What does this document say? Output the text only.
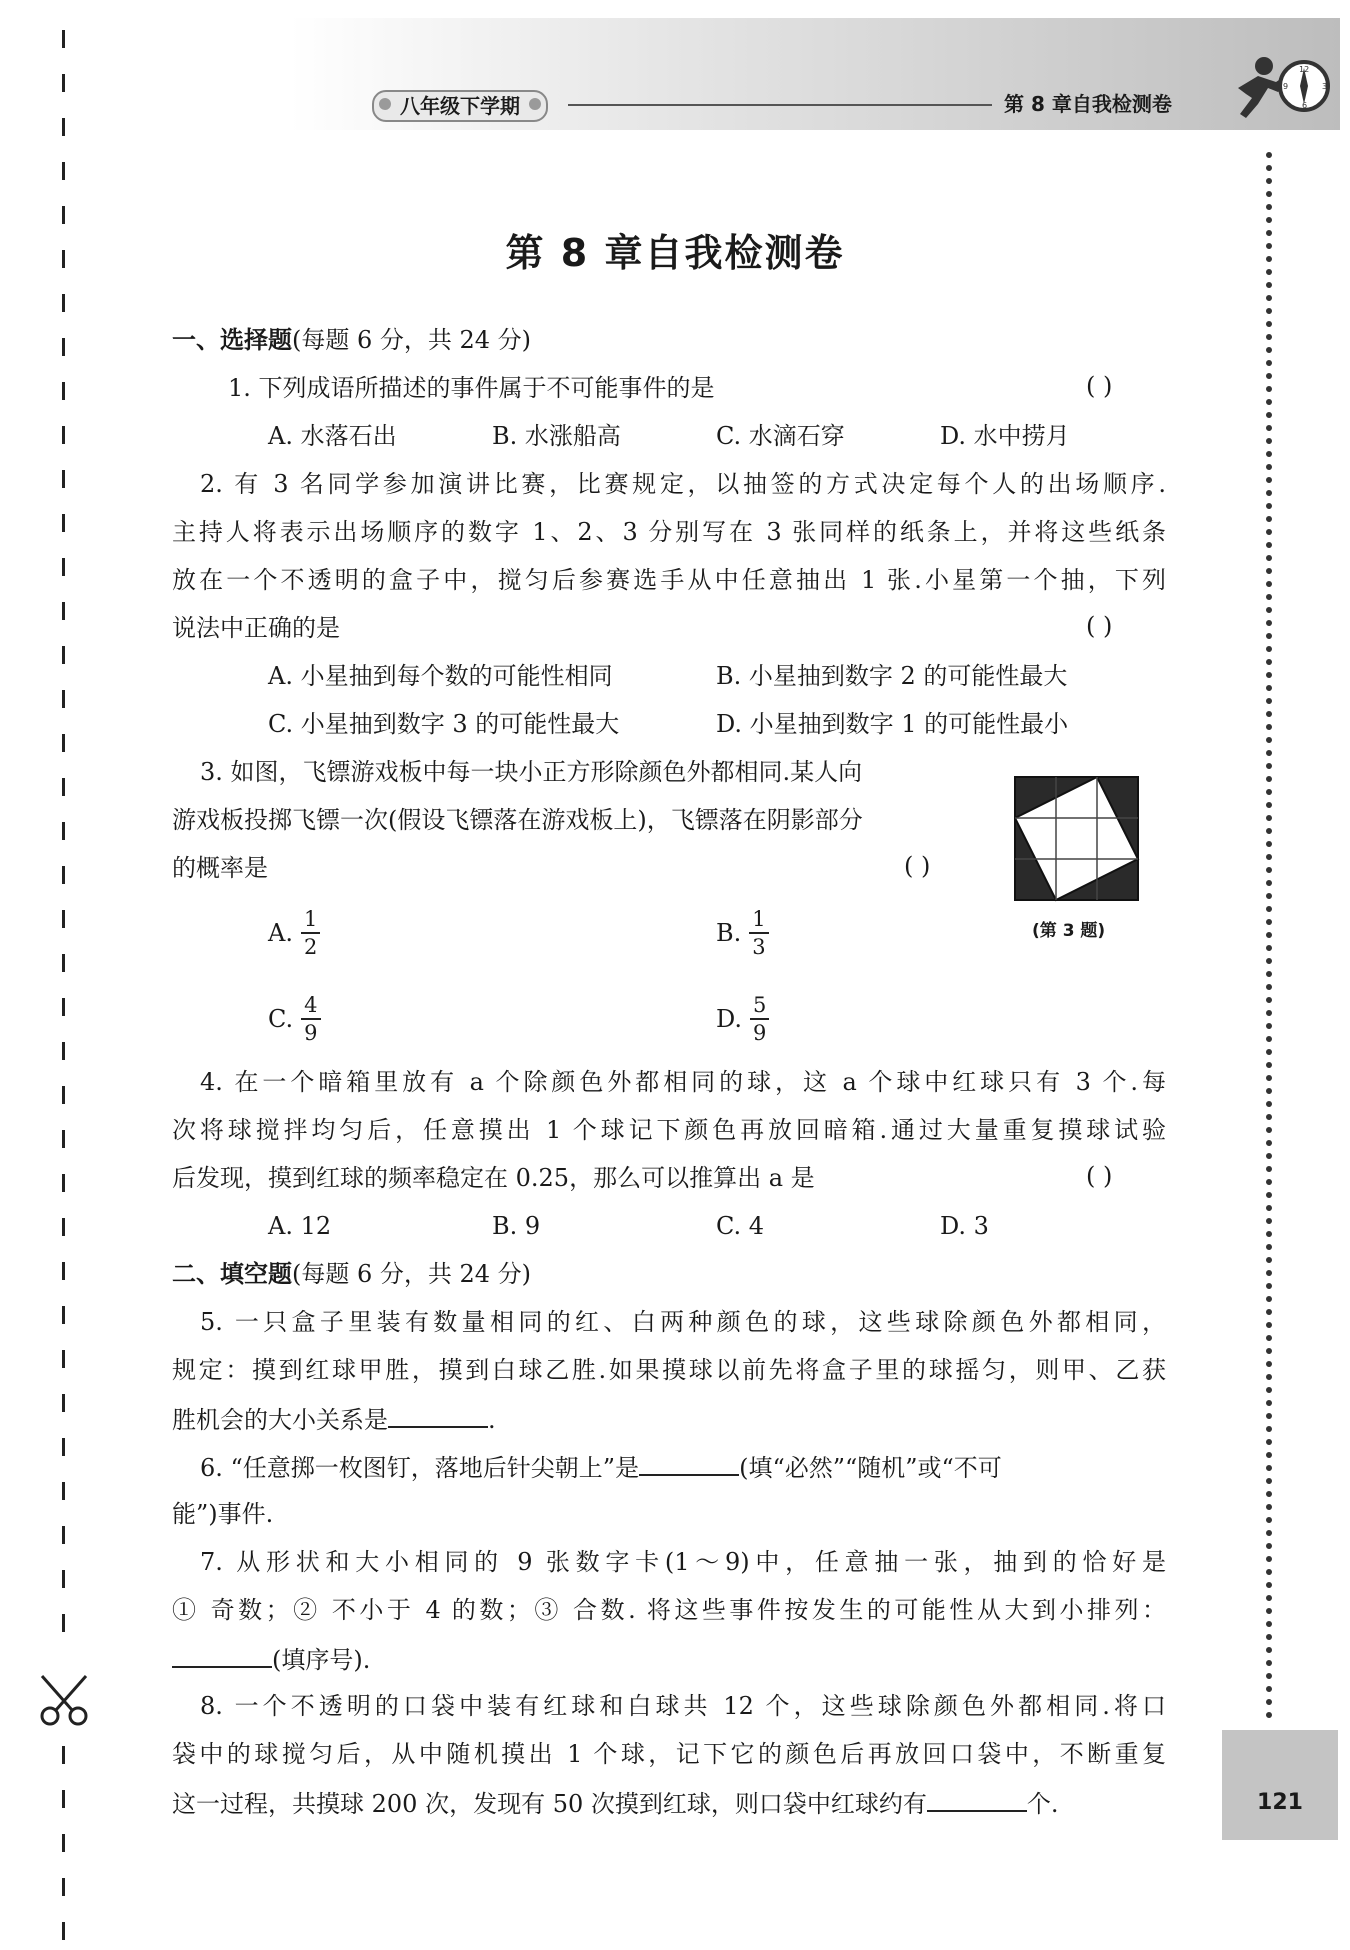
八年级下学期	第 8 章自我检测卷
12
3
9
6
第 8 章自我检测卷
一、选择题(每题 6 分，共 24 分)
1. 下列成语所描述的事件属于不可能事件的是	( )
A. 水落石出	B. 水涨船高	C. 水滴石穿	D. 水中捞月
2. 有 3 名同学参加演讲比赛，比赛规定，以抽签的方式决定每个人的出场顺序.
主持人将表示出场顺序的数字 1、2、3 分别写在 3 张同样的纸条上，并将这些纸条
放在一个不透明的盒子中，搅匀后参赛选手从中任意抽出 1 张.小星第一个抽，下列
说法中正确的是	( )
A. 小星抽到每个数的可能性相同	B. 小星抽到数字 2 的可能性最大
C. 小星抽到数字 3 的可能性最大	D. 小星抽到数字 1 的可能性最小
3. 如图，飞镖游戏板中每一块小正方形除颜色外都相同.某人向
游戏板投掷飞镖一次(假设飞镖落在游戏板上)，飞镖落在阴影部分
的概率是	( )
(第 3 题)
A. $\frac{1}{2}$	B. $\frac{1}{3}$
C. $\frac{4}{9}$	D. $\frac{5}{9}$
4. 在一个暗箱里放有 a 个除颜色外都相同的球，这 a 个球中红球只有 3 个.每
次将球搅拌均匀后，任意摸出 1 个球记下颜色再放回暗箱.通过大量重复摸球试验
后发现，摸到红球的频率稳定在 0.25，那么可以推算出 a 是	( )
A. 12	B. 9	C. 4	D. 3
二、填空题(每题 6 分，共 24 分)
5. 一只盒子里装有数量相同的红、白两种颜色的球，这些球除颜色外都相同，
规定：摸到红球甲胜，摸到白球乙胜.如果摸球以前先将盒子里的球摇匀，则甲、乙获
胜机会的大小关系是	.
6. “任意掷一枚图钉，落地后针尖朝上”是	(填“必然”“随机”或“不可
能”)事件.
7. 从形状和大小相同的 9 张数字卡(1～9)中，任意抽一张，抽到的恰好是
① 奇数；② 不小于 4 的数；③ 合数. 将这些事件按发生的可能性从大到小排列：
(填序号).
8. 一个不透明的口袋中装有红球和白球共 12 个，这些球除颜色外都相同.将口
袋中的球搅匀后，从中随机摸出 1 个球，记下它的颜色后再放回口袋中，不断重复
这一过程，共摸球 200 次，发现有 50 次摸到红球，则口袋中红球约有	个.	121
